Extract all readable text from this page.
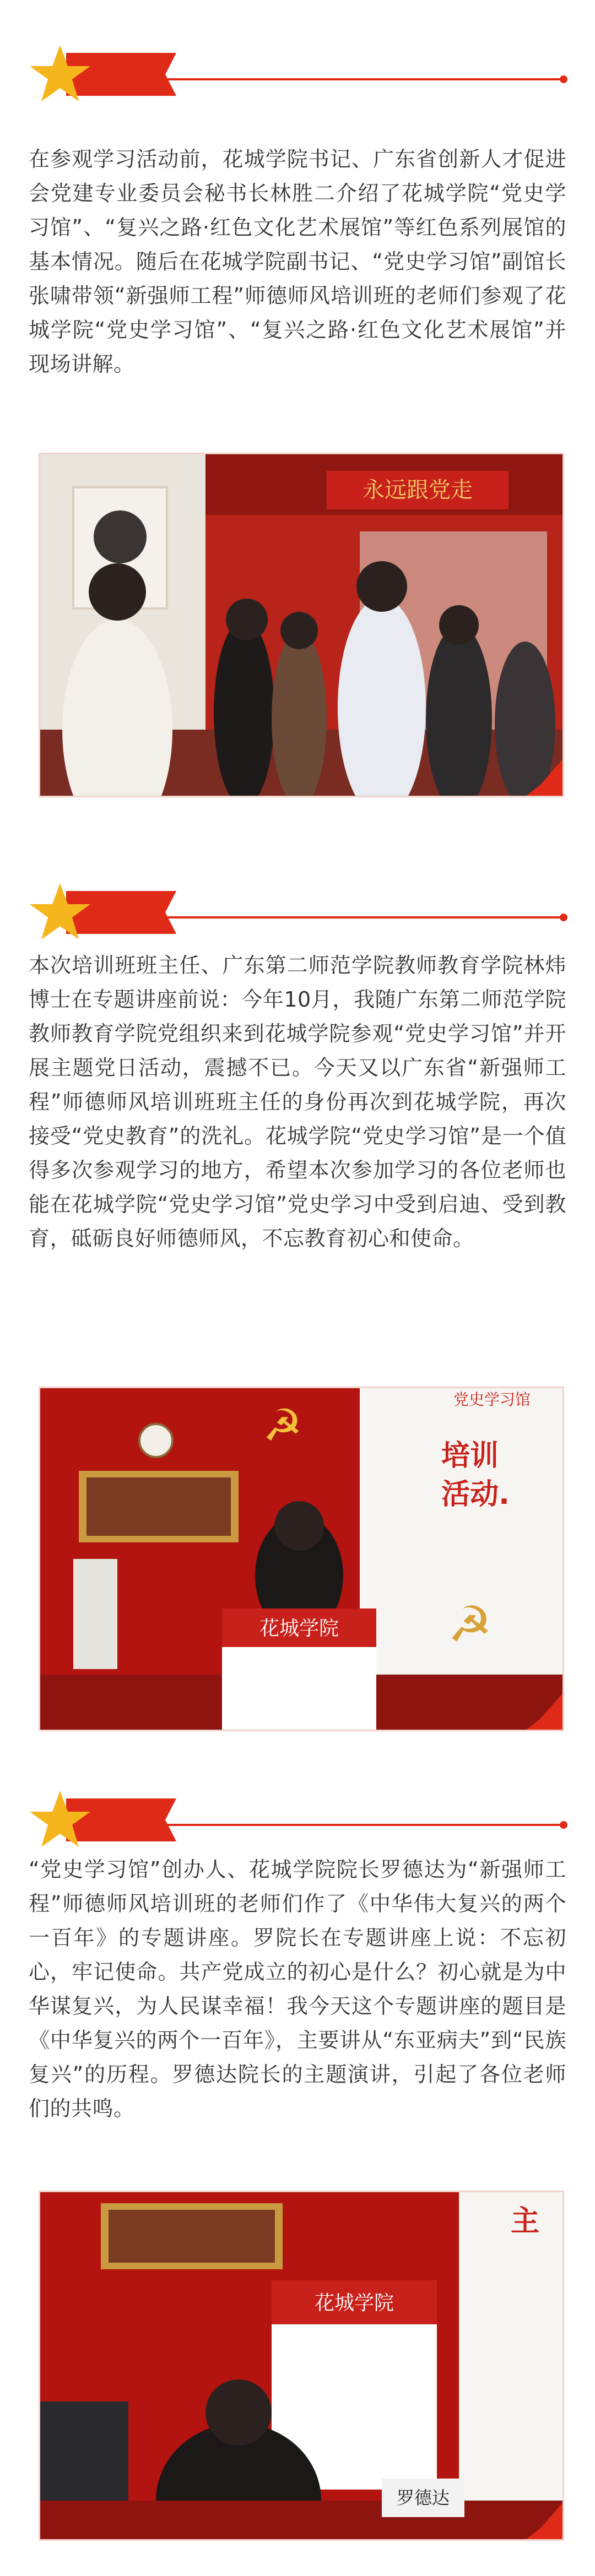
在参观学习活动前，花城学院书记、广东省创新人才促进会党建专业委员会秘书长林胜二介绍了花城学院“党史学习馆”、“复兴之路·红色文化艺术展馆”等红色系列展馆的基本情况。随后在花城学院副书记、“党史学习馆”副馆长张啸带领“新强师工程”师德师风培训班的老师们参观了花城学院“党史学习馆”、“复兴之路·红色文化艺术展馆”并现场讲解。
永远跟党走
本次培训班班主任、广东第二师范学院教师教育学院林炜博士在专题讲座前说：今年10月，我随广东第二师范学院教师教育学院党组织来到花城学院参观“党史学习馆”并开展主题党日活动，震撼不已。今天又以广东省“新强师工程”师德师风培训班班主任的身份再次到花城学院，再次接受“党史教育”的洗礼。花城学院“党史学习馆”是一个值得多次参观学习的地方，希望本次参加学习的各位老师也能在花城学院“党史学习馆”党史学习中受到启迪、受到教育，砥砺良好师德师风，不忘教育初心和使命。
☭
花城学院
党史学习馆
培训
活动.
☭
“党史学习馆”创办人、花城学院院长罗德达为“新强师工程”师德师风培训班的老师们作了《中华伟大复兴的两个一百年》的专题讲座。罗院长在专题讲座上说：不忘初心，牢记使命。共产党成立的初心是什么？初心就是为中华谋复兴，为人民谋幸福！我今天这个专题讲座的题目是《中华复兴的两个一百年》，主要讲从“东亚病夫”到“民族复兴”的历程。罗德达院长的主题演讲，引起了各位老师们的共鸣。
花城学院
罗德达
主
